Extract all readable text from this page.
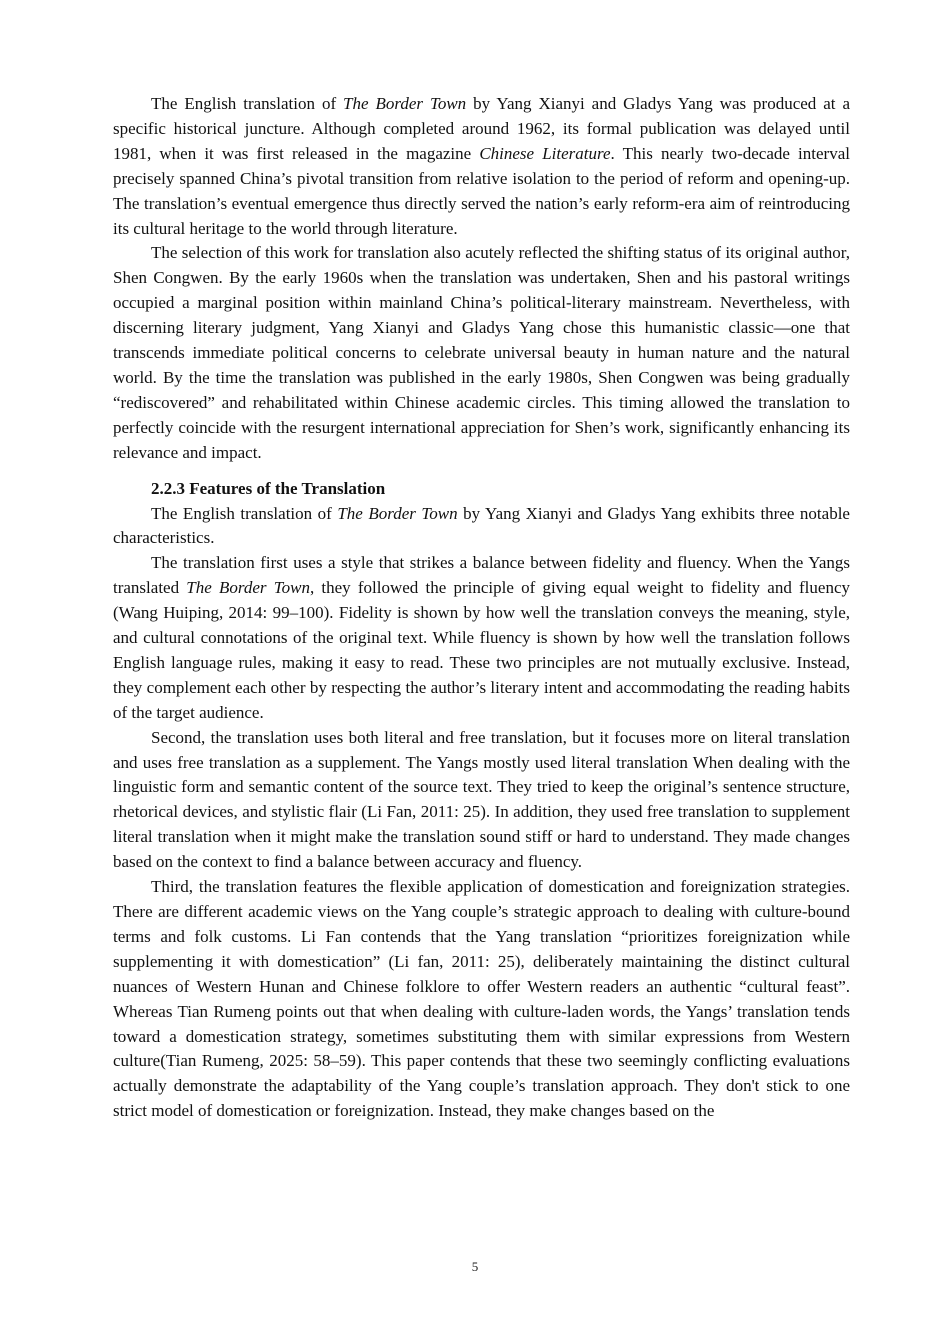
The English translation of The Border Town by Yang Xianyi and Gladys Yang was produced at a specific historical juncture. Although completed around 1962, its formal publication was delayed until 1981, when it was first released in the magazine Chinese Literature. This nearly two-decade interval precisely spanned China’s pivotal transition from relative isolation to the period of reform and opening-up. The translation’s eventual emergence thus directly served the nation’s early reform-era aim of reintroducing its cultural heritage to the world through literature.

The selection of this work for translation also acutely reflected the shifting status of its original author, Shen Congwen. By the early 1960s when the translation was undertaken, Shen and his pastoral writings occupied a marginal position within mainland China’s political-literary mainstream. Nevertheless, with discerning literary judgment, Yang Xianyi and Gladys Yang chose this humanistic classic—one that transcends immediate political concerns to celebrate universal beauty in human nature and the natural world. By the time the translation was published in the early 1980s, Shen Congwen was being gradually “rediscovered” and rehabilitated within Chinese academic circles. This timing allowed the translation to perfectly coincide with the resurgent international appreciation for Shen’s work, significantly enhancing its relevance and impact.

2.2.3 Features of the Translation

The English translation of The Border Town by Yang Xianyi and Gladys Yang exhibits three notable characteristics.

The translation first uses a style that strikes a balance between fidelity and fluency. When the Yangs translated The Border Town, they followed the principle of giving equal weight to fidelity and fluency (Wang Huiping, 2014: 99–100). Fidelity is shown by how well the translation conveys the meaning, style, and cultural connotations of the original text. While fluency is shown by how well the translation follows English language rules, making it easy to read. These two principles are not mutually exclusive. Instead, they complement each other by respecting the author’s literary intent and accommodating the reading habits of the target audience.

Second, the translation uses both literal and free translation, but it focuses more on literal translation and uses free translation as a supplement. The Yangs mostly used literal translation When dealing with the linguistic form and semantic content of the source text. They tried to keep the original’s sentence structure, rhetorical devices, and stylistic flair (Li Fan, 2011: 25). In addition, they used free translation to supplement literal translation when it might make the translation sound stiff or hard to understand. They made changes based on the context to find a balance between accuracy and fluency.

Third, the translation features the flexible application of domestication and foreignization strategies. There are different academic views on the Yang couple’s strategic approach to dealing with culture-bound terms and folk customs. Li Fan contends that the Yang translation “prioritizes foreignization while supplementing it with domestication” (Li fan, 2011: 25), deliberately maintaining the distinct cultural nuances of Western Hunan and Chinese folklore to offer Western readers an authentic “cultural feast”. Whereas Tian Rumeng points out that when dealing with culture-laden words, the Yangs’ translation tends toward a domestication strategy, sometimes substituting them with similar expressions from Western culture(Tian Rumeng, 2025: 58–59). This paper contends that these two seemingly conflicting evaluations actually demonstrate the adaptability of the Yang couple’s translation approach. They don't stick to one strict model of domestication or foreignization. Instead, they make changes based on the

5
